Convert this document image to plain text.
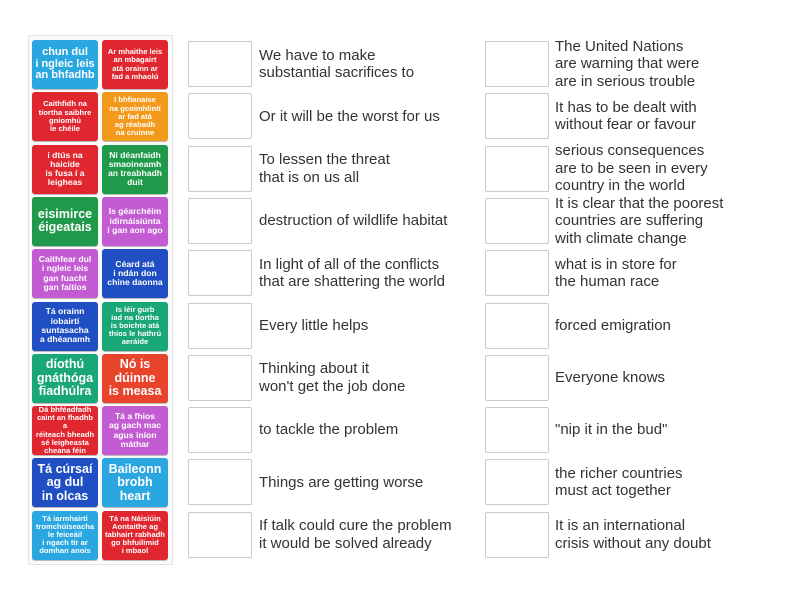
chun dul
i ngleic leis
an bhfadhb
Ar mhaithe leis
an mbagairt
atá orainn ar
fad a mhaolú
Caithfidh na
tíortha saibhre
gníomhú
le chéile
I bhfianaise
na gcoimhlintí
ar fad atá
ag réabadh
na cruinne
i dtús na
haicíde
is fusa í a
leigheas
Ní déanfaidh
smaoineamh
an treabhadh
duit
eisimirce
éigeatais
Is géarchéim
idirnáisiúnta
í gan aon ago
Caithfear dul
i ngleic leis
gan fuacht
gan faitíos
Céard atá
i ndán don
chine daonna
Tá orainn
íobairtí
suntasacha
a dhéanamh
Is léir gurb
iad na tíortha
is boichte atá
thíos le hathrú
aeráide
díothú
gnáthóga
fiadhúlra
Nó is
dúinne
is measa
Dá bhféadfadh
caint an fhadhb a
réiteach bheadh
sé leigheasta
cheana féin
Tá a fhios
ag gach mac
agus iníon
máthar
Tá cúrsaí
ag dul
in olcas
Baileonn
brobh
heart
Tá iarmhairtí
tromchúiseacha
le feiceáil
i ngach tír ar
domhan anois
Tá na Náisiúin
Aontaithe ag
tabhairt rabhadh
go bhfuilimid
i mbaol
We have to make
substantial sacrifices to
Or it will be the worst for us
To lessen the threat
that is on us all
destruction of wildlife habitat
In light of all of the conflicts
that are shattering the world
Every little helps
Thinking about it
won't get the job done
to tackle the problem
Things are getting worse
If talk could cure the problem
it would be solved already
The United Nations
are warning that were
are in serious trouble
It has to be dealt with
without fear or favour
serious consequences
are to be seen in every
country in the world
It is clear that the poorest
countries are suffering
with climate change
what is in store for
the human race
forced emigration
Everyone knows
"nip it in the bud"
the richer countries
must act together
It is an international
crisis without any doubt
